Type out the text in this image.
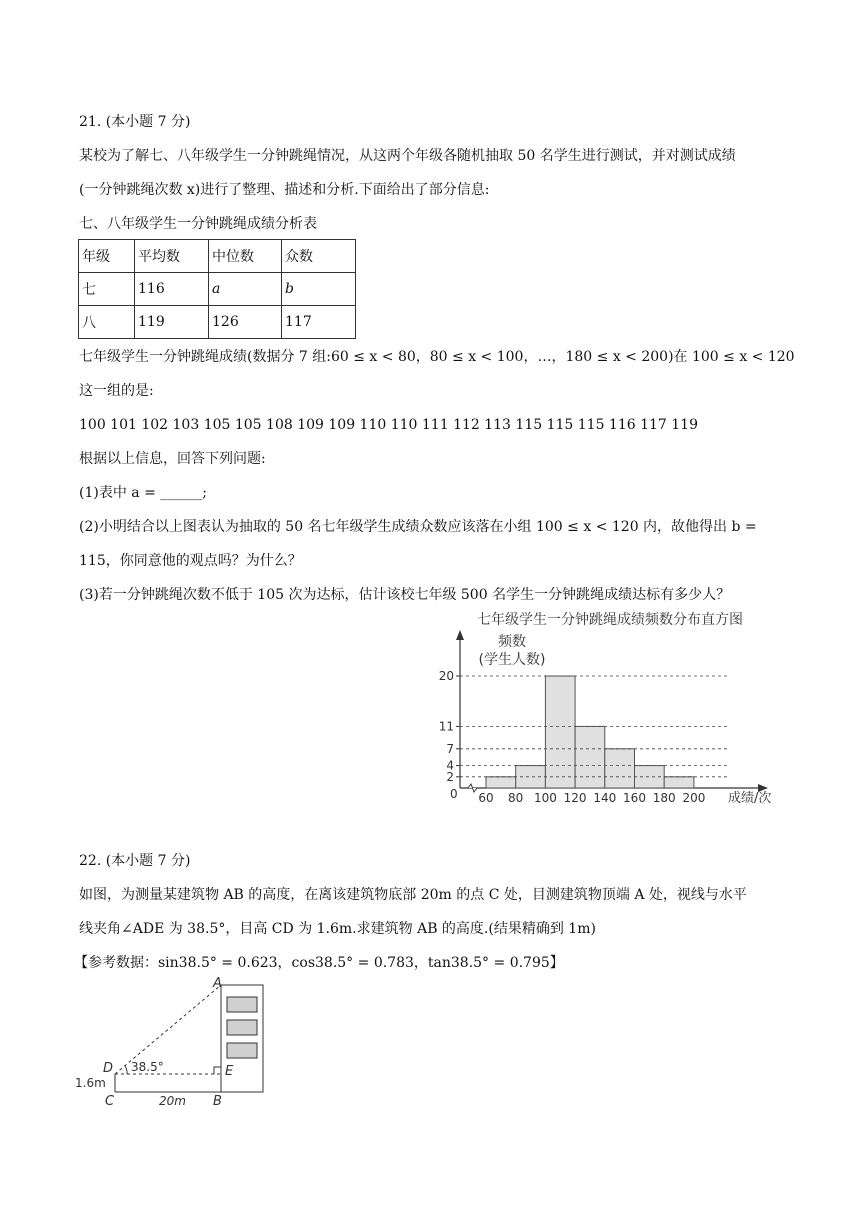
21. (本小题 7 分)
某校为了解七、八年级学生一分钟跳绳情况，从这两个年级各随机抽取 50 名学生进行测试，并对测试成绩
(一分钟跳绳次数 x)进行了整理、描述和分析.下面给出了部分信息:
七、八年级学生一分钟跳绳成绩分析表
年级	平均数	中位数	众数
七	116	a	b
八	119	126	117
七年级学生一分钟跳绳成绩(数据分 7 组:60 ≤ x < 80，80 ≤ x < 100，…，180 ≤ x < 200)在 100 ≤ x < 120
这一组的是:
100 101 102 103 105 105 108 109 109 110 110 111 112 113 115 115 115 116 117 119
根据以上信息，回答下列问题:
(1)表中 a = ______;
(2)小明结合以上图表认为抽取的 50 名七年级学生成绩众数应该落在小组 100 ≤ x < 120 内，故他得出 b =
115，你同意他的观点吗？为什么？
(3)若一分钟跳绳次数不低于 105 次为达标，估计该校七年级 500 名学生一分钟跳绳成绩达标有多少人？
七年级学生一分钟跳绳成绩频数分布直方图
频数
(学生人数)
成绩/次
0
2
4
7
11
20
60 80 100 120 140 160 180 200
22. (本小题 7 分)
如图，为测量某建筑物 AB 的高度，在离该建筑物底部 20m 的点 C 处，目测建筑物顶端 A 处，视线与水平
线夹角∠ADE 为 38.5°，目高 CD 为 1.6m.求建筑物 AB 的高度.(结果精确到 1m)
【参考数据：sin38.5° = 0.623，cos38.5° = 0.783，tan38.5° = 0.795】
A
B
C
D	E
38.5°
1.6m
20m
